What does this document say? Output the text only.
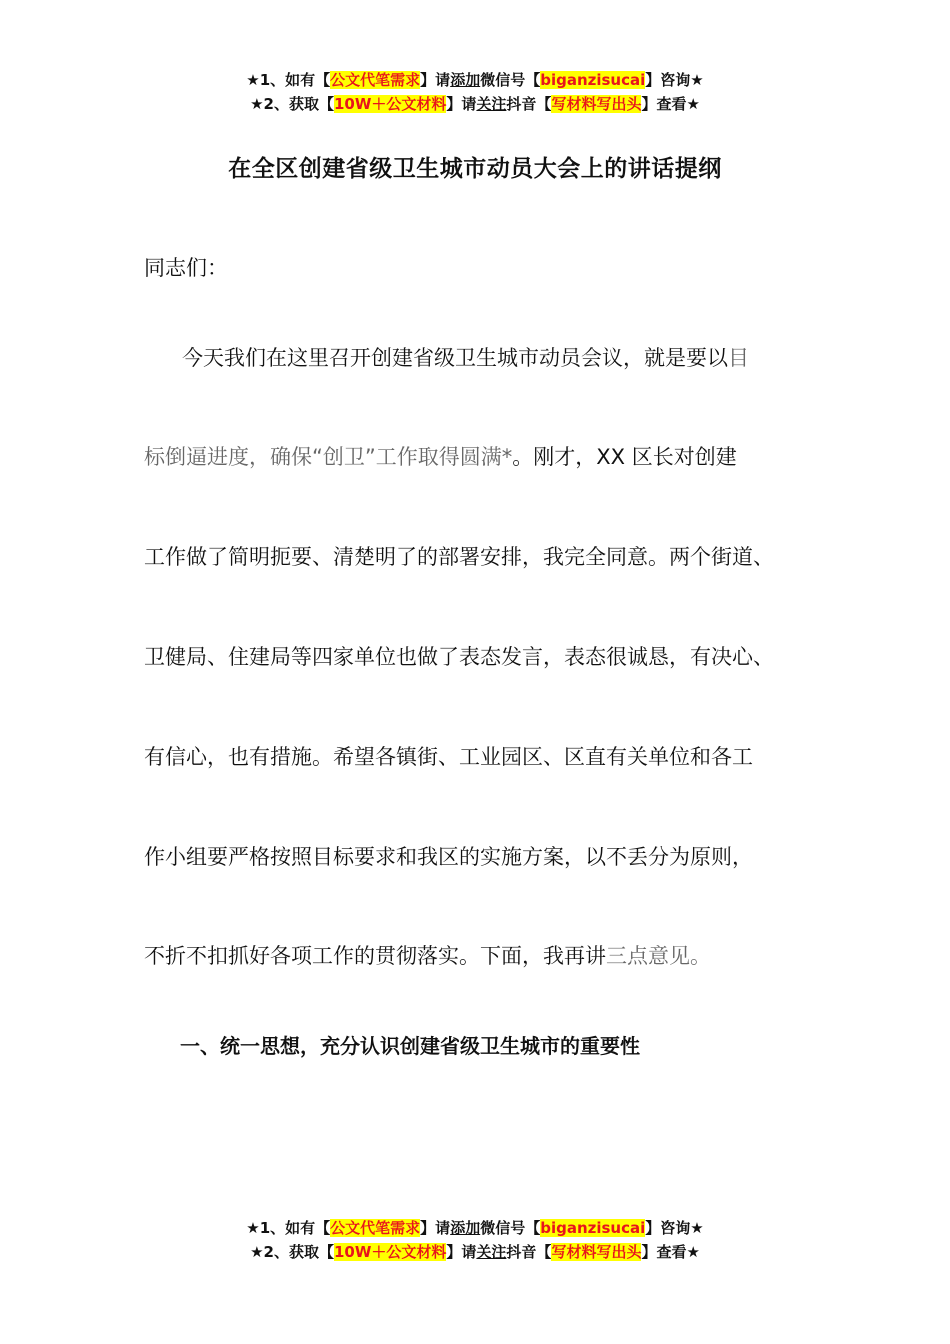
★1、如有【公文代笔需求】请添加微信号【biganzisucai】咨询★
★2、获取【10W＋公文材料】请关注抖音【写材料写出头】查看★
在全区创建省级卫生城市动员大会上的讲话提纲
同志们：
今天我们在这里召开创建省级卫生城市动员会议，就是要以目
标倒逼进度，确保“创卫”工作取得圆满*。刚才，XX 区长对创建
工作做了简明扼要、清楚明了的部署安排，我完全同意。两个街道、
卫健局、住建局等四家单位也做了表态发言，表态很诚恳，有决心、
有信心，也有措施。希望各镇街、工业园区、区直有关单位和各工
作小组要严格按照目标要求和我区的实施方案，以不丢分为原则，
不折不扣抓好各项工作的贯彻落实。下面，我再讲三点意见。
一、统一思想，充分认识创建省级卫生城市的重要性
★1、如有【公文代笔需求】请添加微信号【biganzisucai】咨询★
★2、获取【10W＋公文材料】请关注抖音【写材料写出头】查看★
